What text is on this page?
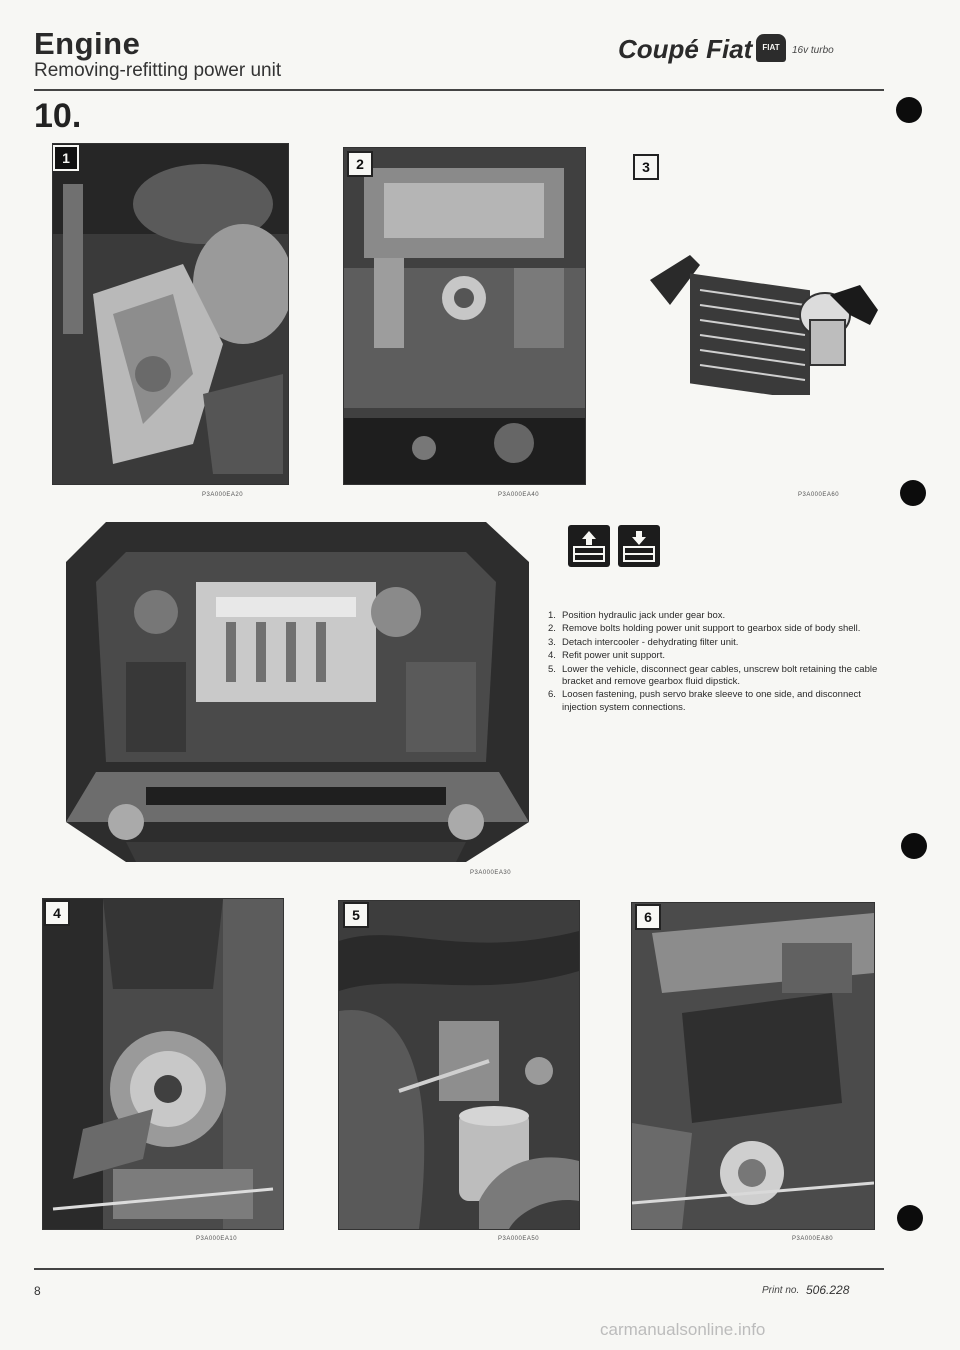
Engine
Removing-refitting power unit
Coupé Fiat	FIAT	16v turbo
10.
1
P3A000EA20
2
P3A000EA40
3
P3A000EA60
P3A000EA30
1. Position hydraulic jack under gear box.
2. Remove bolts holding power unit support to gearbox side of body shell.
3. Detach intercooler - dehydrating filter unit.
4. Refit power unit support.
5. Lower the vehicle, disconnect gear cables, unscrew bolt retaining the cable bracket and remove gearbox fluid dipstick.
6. Loosen fastening, push servo brake sleeve to one side, and disconnect injection system connections.
4
P3A000EA10
5
P3A000EA50
6
P3A000EA80
8	Print no. 506.228
carmanualsonline.info
